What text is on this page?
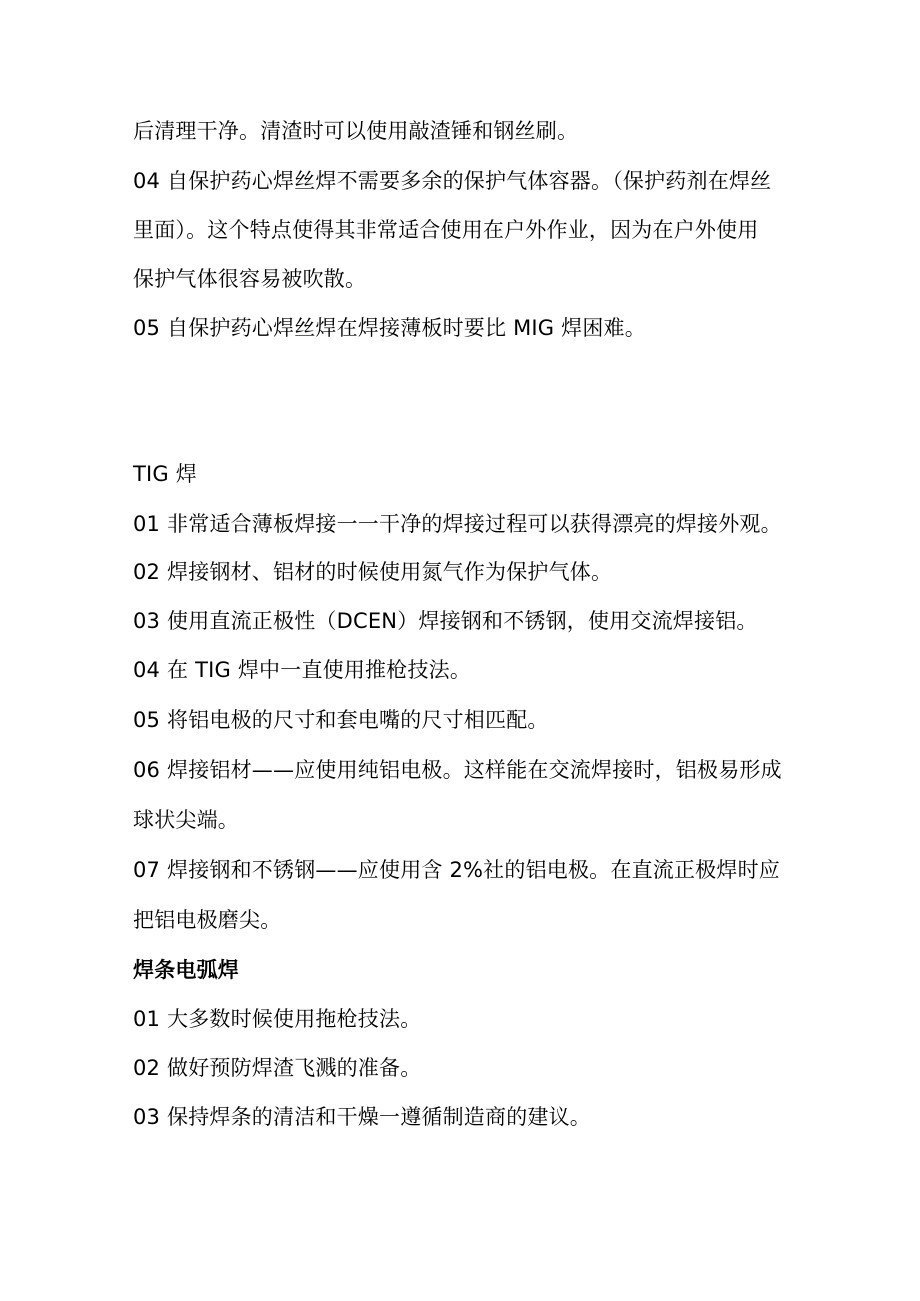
后清理干净。清渣时可以使用敲渣锤和钢丝刷。
04 自保护药心焊丝焊不需要多余的保护气体容器。（保护药剂在焊丝
里面）。这个特点使得其非常适合使用在户外作业，因为在户外使用
保护气体很容易被吹散。
05 自保护药心焊丝焊在焊接薄板时要比 MIG 焊困难。
TIG 焊
01 非常适合薄板焊接一一干净的焊接过程可以获得漂亮的焊接外观。
02 焊接钢材、铝材的时候使用氮气作为保护气体。
03 使用直流正极性（DCEN）焊接钢和不锈钢，使用交流焊接铝。
04 在 TIG 焊中一直使用推枪技法。
05 将铝电极的尺寸和套电嘴的尺寸相匹配。
06 焊接铝材——应使用纯铝电极。这样能在交流焊接时，铝极易形成
球状尖端。
07 焊接钢和不锈钢——应使用含 2%社的铝电极。在直流正极焊时应
把铝电极磨尖。
焊条电弧焊
01 大多数时候使用拖枪技法。
02 做好预防焊渣飞溅的准备。
03 保持焊条的清洁和干燥一遵循制造商的建议。
